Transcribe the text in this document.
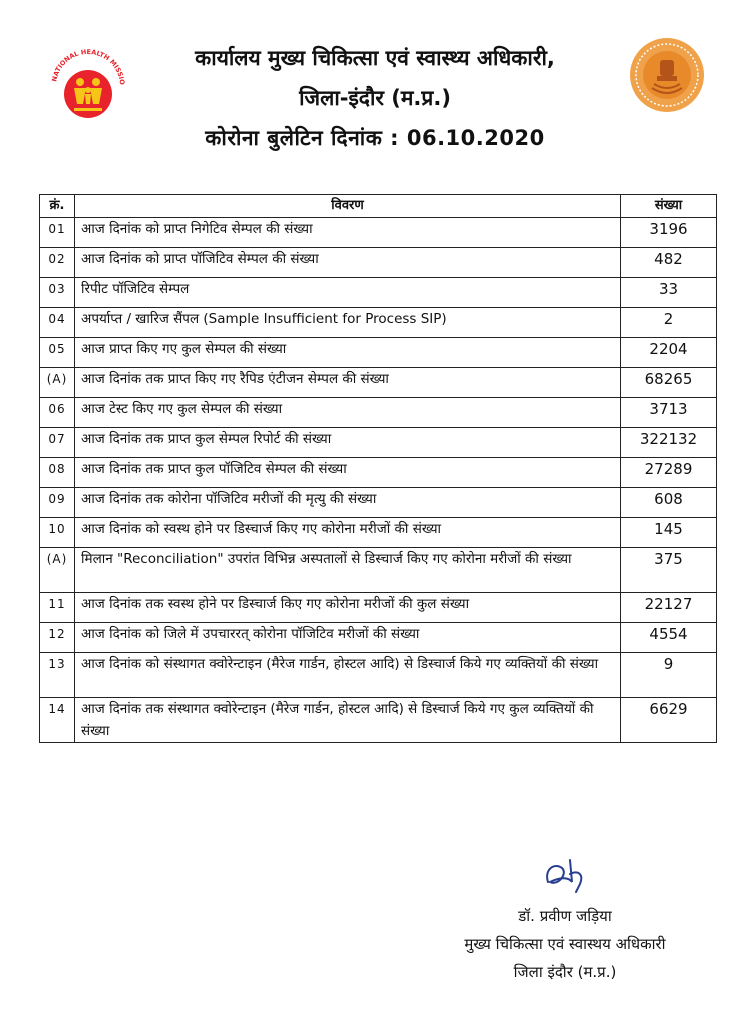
NATIONAL HEALTH MISSIO
कार्यालय मुख्य चिकित्सा एवं स्वास्थ्य अधिकारी,
जिला-इंदौर (म.प्र.)
कोरोना बुलेटिन दिनांक : 06.10.2020
क्रं.	विवरण	संख्या
01	आज दिनांक को प्राप्त निगेटिव सेम्पल की संख्या	3196
02	आज दिनांक को प्राप्त पॉजिटिव सेम्पल की संख्या	482
03	रिपीट पॉजिटिव सेम्पल	33
04	अपर्याप्त / खारिज सैंपल (Sample Insufficient for Process SIP)	2
05	आज प्राप्त किए गए कुल सेम्पल की संख्या	2204
(A)	आज दिनांक तक प्राप्त किए गए रैपिड एंटीजन सेम्पल की संख्या	68265
06	आज टेस्ट किए गए कुल सेम्पल की संख्या	3713
07	आज दिनांक तक प्राप्त कुल सेम्पल रिपोर्ट की संख्या	322132
08	आज दिनांक तक प्राप्त कुल पॉजिटिव सेम्पल की संख्या	27289
09	आज दिनांक तक कोरोना पॉजिटिव मरीजों की मृत्यु की संख्या	608
10	आज दिनांक को स्वस्थ होने पर डिस्चार्ज किए गए कोरोना मरीजों की संख्या	145
(A)	मिलान "Reconciliation" उपरांत विभिन्न अस्पतालों से डिस्चार्ज किए गए कोरोना मरीजों की संख्या	375
11	आज दिनांक तक स्वस्थ होने पर डिस्चार्ज किए गए कोरोना मरीजों की कुल संख्या	22127
12	आज दिनांक को जिले में उपचाररत् कोरोना पॉजिटिव मरीजों की संख्या	4554
13	आज दिनांक को संस्थागत क्वोरेन्टाइन (मैरेज गार्डन, होस्टल आदि) से डिस्चार्ज किये गए व्यक्तियों की संख्या	9
14	आज दिनांक तक संस्थागत क्वोरेन्टाइन (मैरेज गार्डन, होस्टल आदि) से डिस्चार्ज किये गए कुल व्यक्तियों की संख्या	6629
डॉ. प्रवीण जड़िया
मुख्य चिकित्सा एवं स्वास्थय अधिकारी
जिला इंदौर (म.प्र.)
